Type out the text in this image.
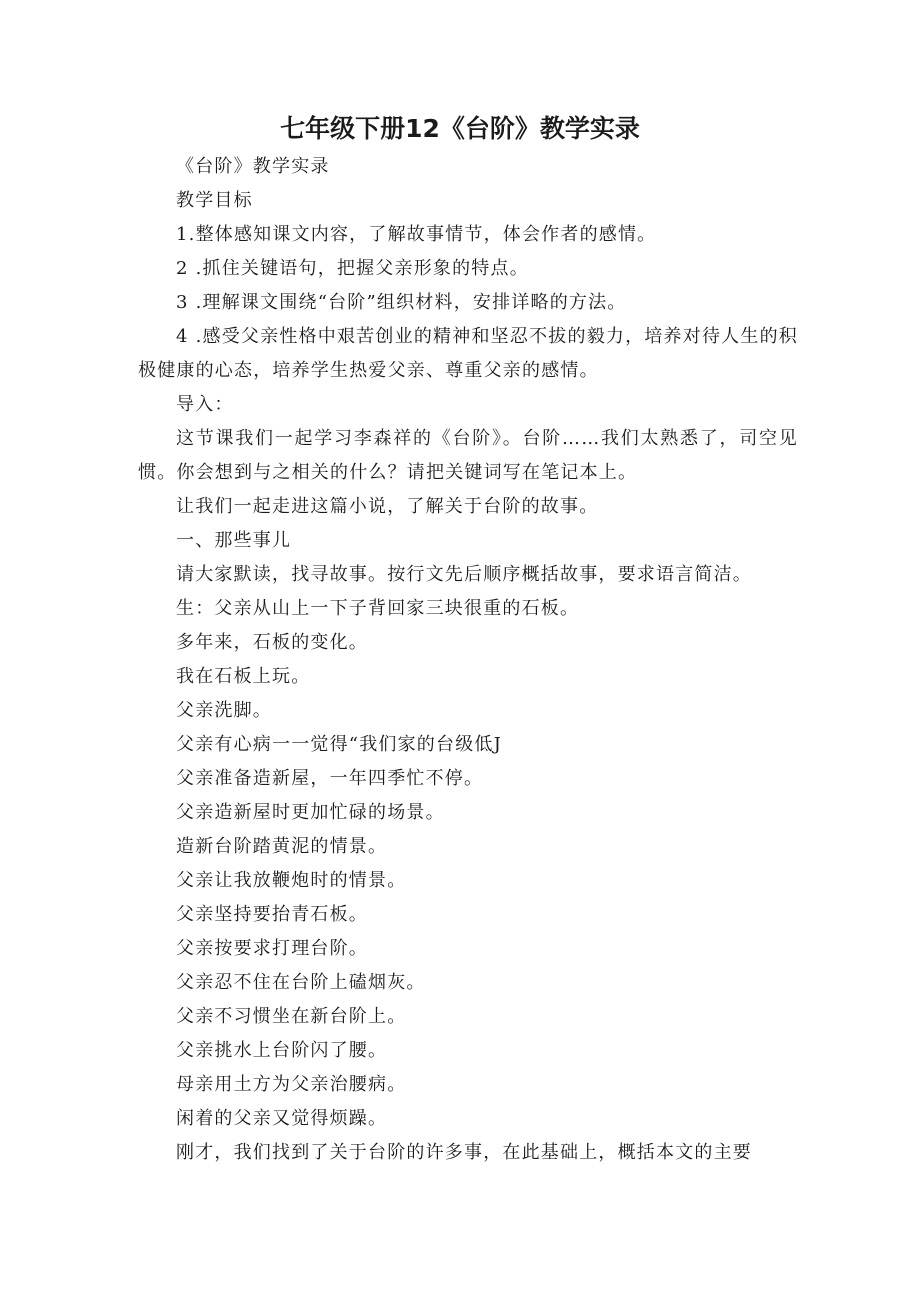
七年级下册12《台阶》教学实录

《台阶》教学实录

教学目标

1.整体感知课文内容，了解故事情节，体会作者的感情。

2 .抓住关键语句，把握父亲形象的特点。

3 .理解课文围绕“台阶”组织材料，安排详略的方法。

4 .感受父亲性格中艰苦创业的精神和坚忍不拔的毅力，培养对待人生的积极健康的心态，培养学生热爱父亲、尊重父亲的感情。

导入：

这节课我们一起学习李森祥的《台阶》。台阶……我们太熟悉了，司空见惯。你会想到与之相关的什么？请把关键词写在笔记本上。

让我们一起走进这篇小说，了解关于台阶的故事。

一、那些事儿

请大家默读，找寻故事。按行文先后顺序概括故事，要求语言简洁。

生：父亲从山上一下子背回家三块很重的石板。

多年来，石板的变化。

我在石板上玩。

父亲洗脚。

父亲有心病一一觉得“我们家的台级低J

父亲准备造新屋，一年四季忙不停。

父亲造新屋时更加忙碌的场景。

造新台阶踏黄泥的情景。

父亲让我放鞭炮时的情景。

父亲坚持要抬青石板。

父亲按要求打理台阶。

父亲忍不住在台阶上磕烟灰。

父亲不习惯坐在新台阶上。

父亲挑水上台阶闪了腰。

母亲用土方为父亲治腰病。

闲着的父亲又觉得烦躁。

刚才，我们找到了关于台阶的许多事，在此基础上，概括本文的主要
